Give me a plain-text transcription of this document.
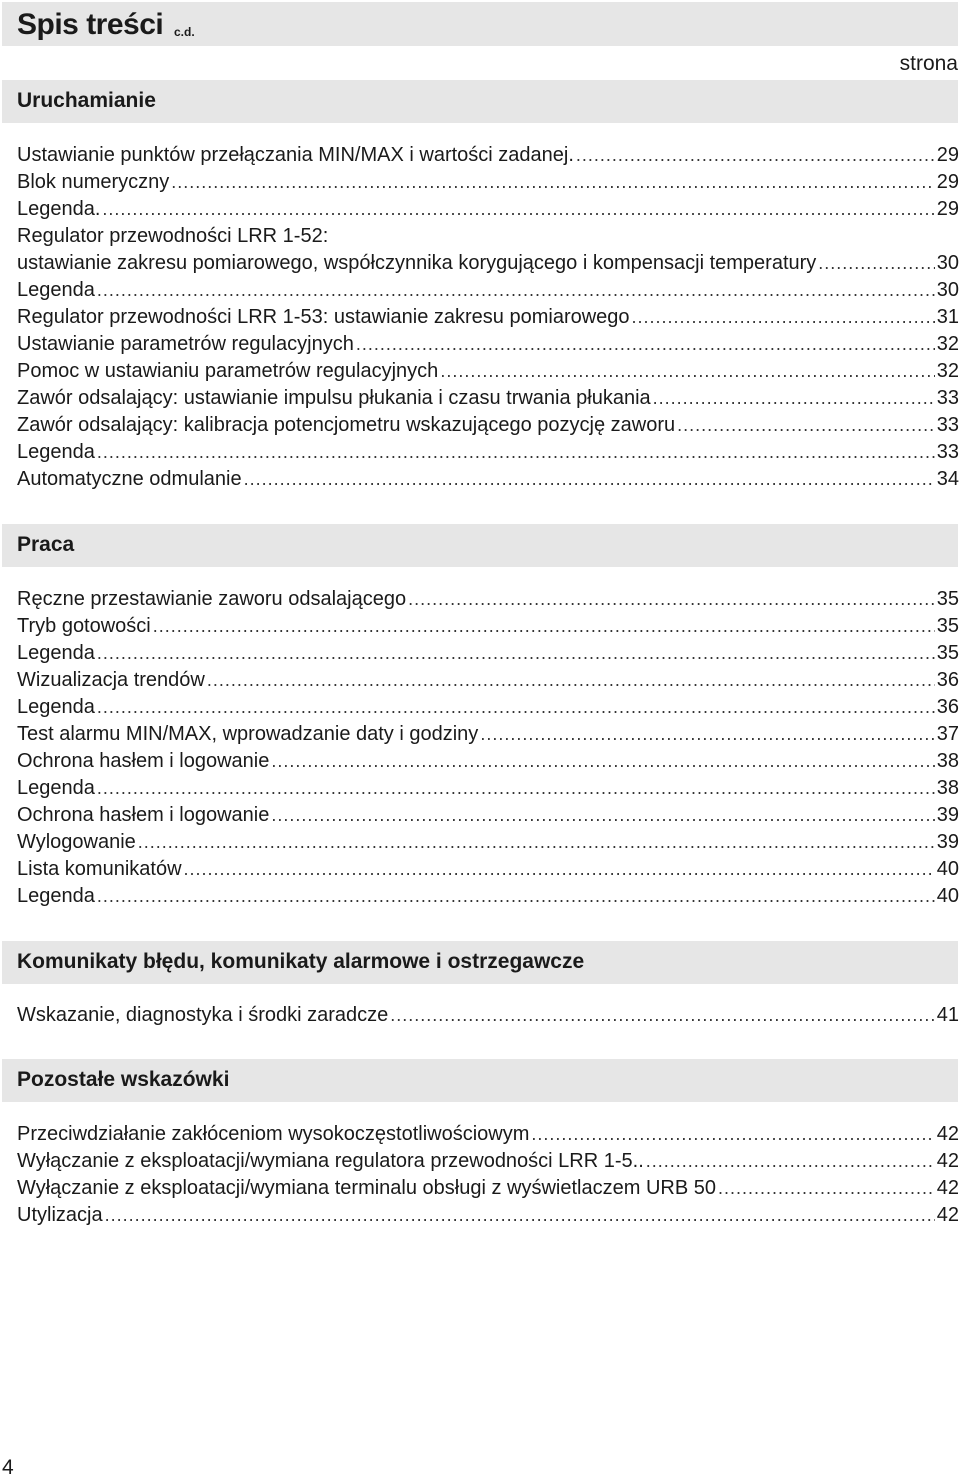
Spis treści c.d.
strona
Uruchamianie
Ustawianie punktów przełączania MIN/MAX i wartości zadanej. .....	29
Blok numeryczny .....	29
Legenda. .....	29
Regulator przewodności LRR 1-52:
ustawianie zakresu pomiarowego, współczynnika korygującego i kompensacji temperatury .....	30
Legenda .....	30
Regulator przewodności LRR 1-53: ustawianie zakresu pomiarowego .....	31
Ustawianie parametrów regulacyjnych .....	32
Pomoc w ustawianiu parametrów regulacyjnych .....	32
Zawór odsalający: ustawianie impulsu płukania i czasu trwania płukania .....	33
Zawór odsalający: kalibracja potencjometru wskazującego pozycję zaworu .....	33
Legenda .....	33
Automatyczne odmulanie .....	34
Praca
Ręczne przestawianie zaworu odsalającego .....	35
Tryb gotowości .....	35
Legenda .....	35
Wizualizacja trendów .....	36
Legenda .....	36
Test alarmu MIN/MAX, wprowadzanie daty i godziny .....	37
Ochrona hasłem i logowanie .....	38
Legenda .....	38
Ochrona hasłem i logowanie .....	39
Wylogowanie .....	39
Lista komunikatów .....	40
Legenda .....	40
Komunikaty błędu, komunikaty alarmowe i ostrzegawcze
Wskazanie, diagnostyka i środki zaradcze .....	41
Pozostałe wskazówki
Przeciwdziałanie zakłóceniom wysokoczęstotliwościowym .....	42
Wyłączanie z eksploatacji/wymiana regulatora przewodności LRR 1-5.. .....	42
Wyłączanie z eksploatacji/wymiana terminalu obsługi z wyświetlaczem URB 50 .....	42
Utylizacja .....	42
4
